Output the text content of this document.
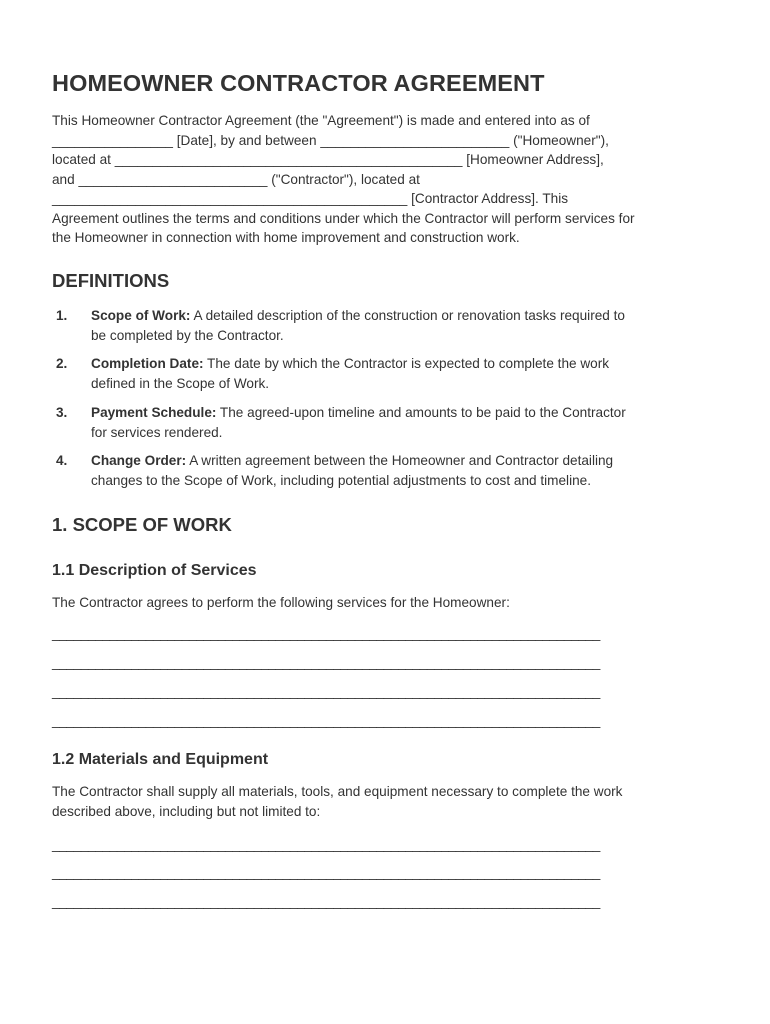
HOMEOWNER CONTRACTOR AGREEMENT
This Homeowner Contractor Agreement (the "Agreement") is made and entered into as of
________________ [Date], by and between _________________________ ("Homeowner"),
located at ______________________________________________ [Homeowner Address],
and _________________________ ("Contractor"), located at
_______________________________________________ [Contractor Address]. This
Agreement outlines the terms and conditions under which the Contractor will perform services for
the Homeowner in connection with home improvement and construction work.
DEFINITIONS
1. Scope of Work: A detailed description of the construction or renovation tasks required to
be completed by the Contractor.
2. Completion Date: The date by which the Contractor is expected to complete the work
defined in the Scope of Work.
3. Payment Schedule: The agreed-upon timeline and amounts to be paid to the Contractor
for services rendered.
4. Change Order: A written agreement between the Homeowner and Contractor detailing
changes to the Scope of Work, including potential adjustments to cost and timeline.
1. SCOPE OF WORK
1.1 Description of Services
The Contractor agrees to perform the following services for the Homeowner:
____________________________________________________________________________
____________________________________________________________________________
____________________________________________________________________________
____________________________________________________________________________
1.2 Materials and Equipment
The Contractor shall supply all materials, tools, and equipment necessary to complete the work
described above, including but not limited to:
____________________________________________________________________________
____________________________________________________________________________
____________________________________________________________________________
